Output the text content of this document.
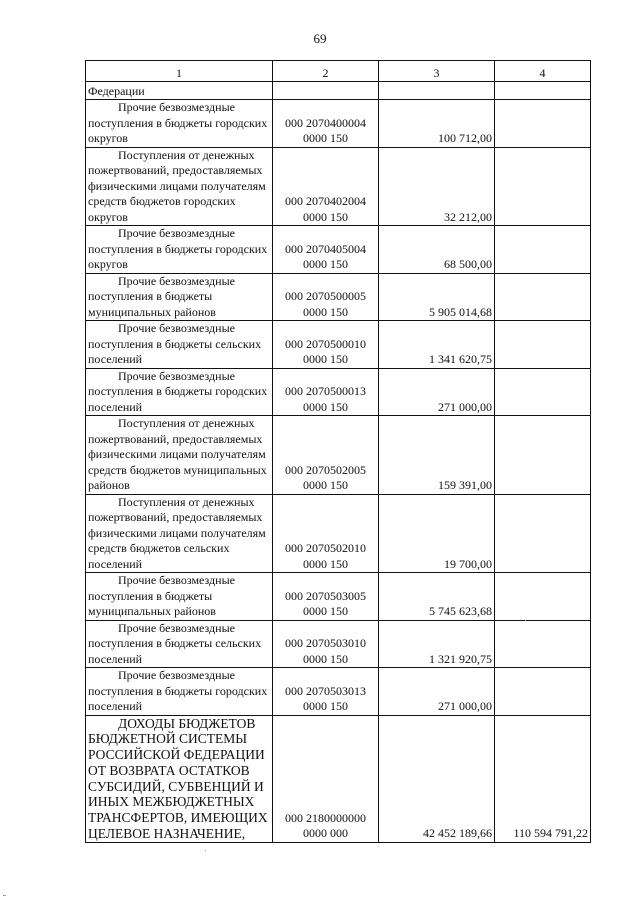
69
1	2	3	4
Федерации			
Прочие безвозмездные поступления в бюджеты городских округов	000 2070400004 0000 150	100 712,00	
Поступления от денежных пожертвований, предоставляемых физическими лицами получателям средств бюджетов городских округов	000 2070402004 0000 150	32 212,00	
Прочие безвозмездные поступления в бюджеты городских округов	000 2070405004 0000 150	68 500,00	
Прочие безвозмездные поступления в бюджеты муниципальных районов	000 2070500005 0000 150	5 905 014,68	
Прочие безвозмездные поступления в бюджеты сельских поселений	000 2070500010 0000 150	1 341 620,75	
Прочие безвозмездные поступления в бюджеты городских поселений	000 2070500013 0000 150	271 000,00	
Поступления от денежных пожертвований, предоставляемых физическими лицами получателям средств бюджетов муниципальных районов	000 2070502005 0000 150	159 391,00	
Поступления от денежных пожертвований, предоставляемых физическими лицами получателям средств бюджетов сельских поселений	000 2070502010 0000 150	19 700,00	
Прочие безвозмездные поступления в бюджеты муниципальных районов	000 2070503005 0000 150	5 745 623,68	
Прочие безвозмездные поступления в бюджеты сельских поселений	000 2070503010 0000 150	1 321 920,75	
Прочие безвозмездные поступления в бюджеты городских поселений	000 2070503013 0000 150	271 000,00	
ДОХОДЫ БЮДЖЕТОВ БЮДЖЕТНОЙ СИСТЕМЫ РОССИЙСКОЙ ФЕДЕРАЦИИ ОТ ВОЗВРАТА ОСТАТКОВ СУБСИДИЙ, СУБВЕНЦИЙ И ИНЫХ МЕЖБЮДЖЕТНЫХ ТРАНСФЕРТОВ, ИМЕЮЩИХ ЦЕЛЕВОЕ НАЗНАЧЕНИЕ,	000 2180000000 0000 000	42 452 189,66	110 594 791,22
